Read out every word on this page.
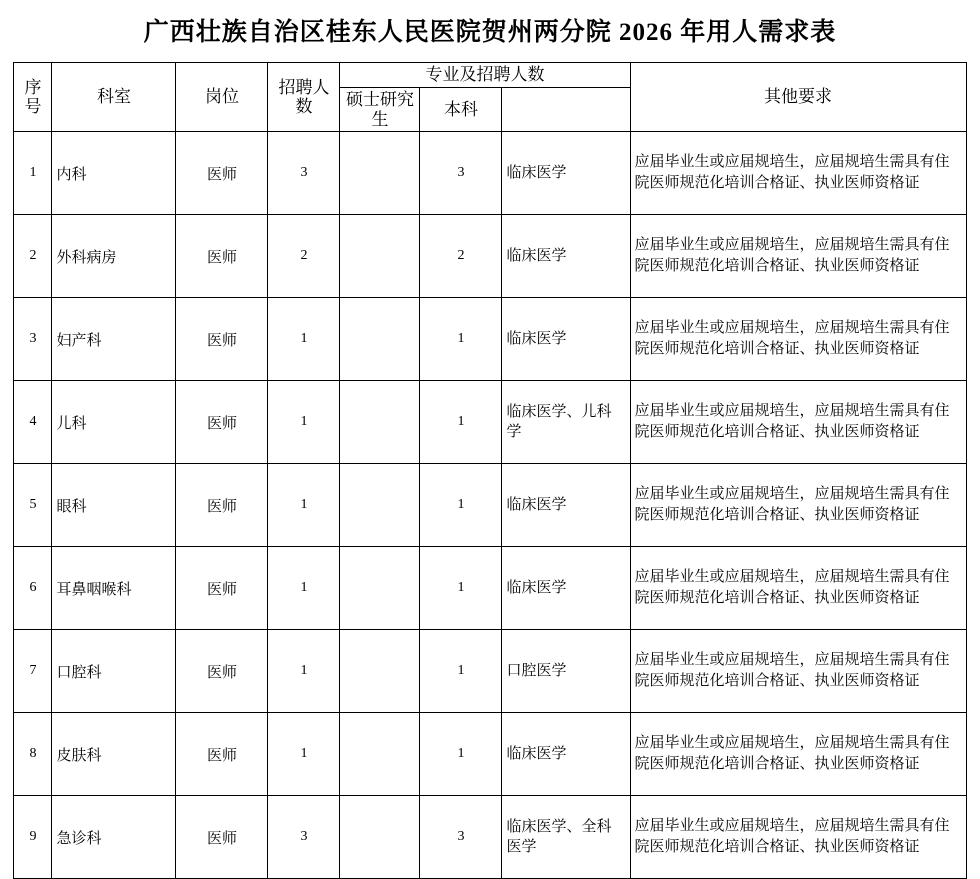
广西壮族自治区桂东人民医院贺州两分院 2026 年用人需求表
序号	科室	岗位	招聘人数	专业及招聘人数			其他要求
				硕士研究生	本科		
1	内科	医师	3		3	临床医学	应届毕业生或应届规培生，应届规培生需具有住院医师规范化培训合格证、执业医师资格证
2	外科病房	医师	2		2	临床医学	应届毕业生或应届规培生，应届规培生需具有住院医师规范化培训合格证、执业医师资格证
3	妇产科	医师	1		1	临床医学	应届毕业生或应届规培生，应届规培生需具有住院医师规范化培训合格证、执业医师资格证
4	儿科	医师	1		1	临床医学、儿科学	应届毕业生或应届规培生，应届规培生需具有住院医师规范化培训合格证、执业医师资格证
5	眼科	医师	1		1	临床医学	应届毕业生或应届规培生，应届规培生需具有住院医师规范化培训合格证、执业医师资格证
6	耳鼻咽喉科	医师	1		1	临床医学	应届毕业生或应届规培生，应届规培生需具有住院医师规范化培训合格证、执业医师资格证
7	口腔科	医师	1		1	口腔医学	应届毕业生或应届规培生，应届规培生需具有住院医师规范化培训合格证、执业医师资格证
8	皮肤科	医师	1		1	临床医学	应届毕业生或应届规培生，应届规培生需具有住院医师规范化培训合格证、执业医师资格证
9	急诊科	医师	3		3	临床医学、全科医学	应届毕业生或应届规培生，应届规培生需具有住院医师规范化培训合格证、执业医师资格证
